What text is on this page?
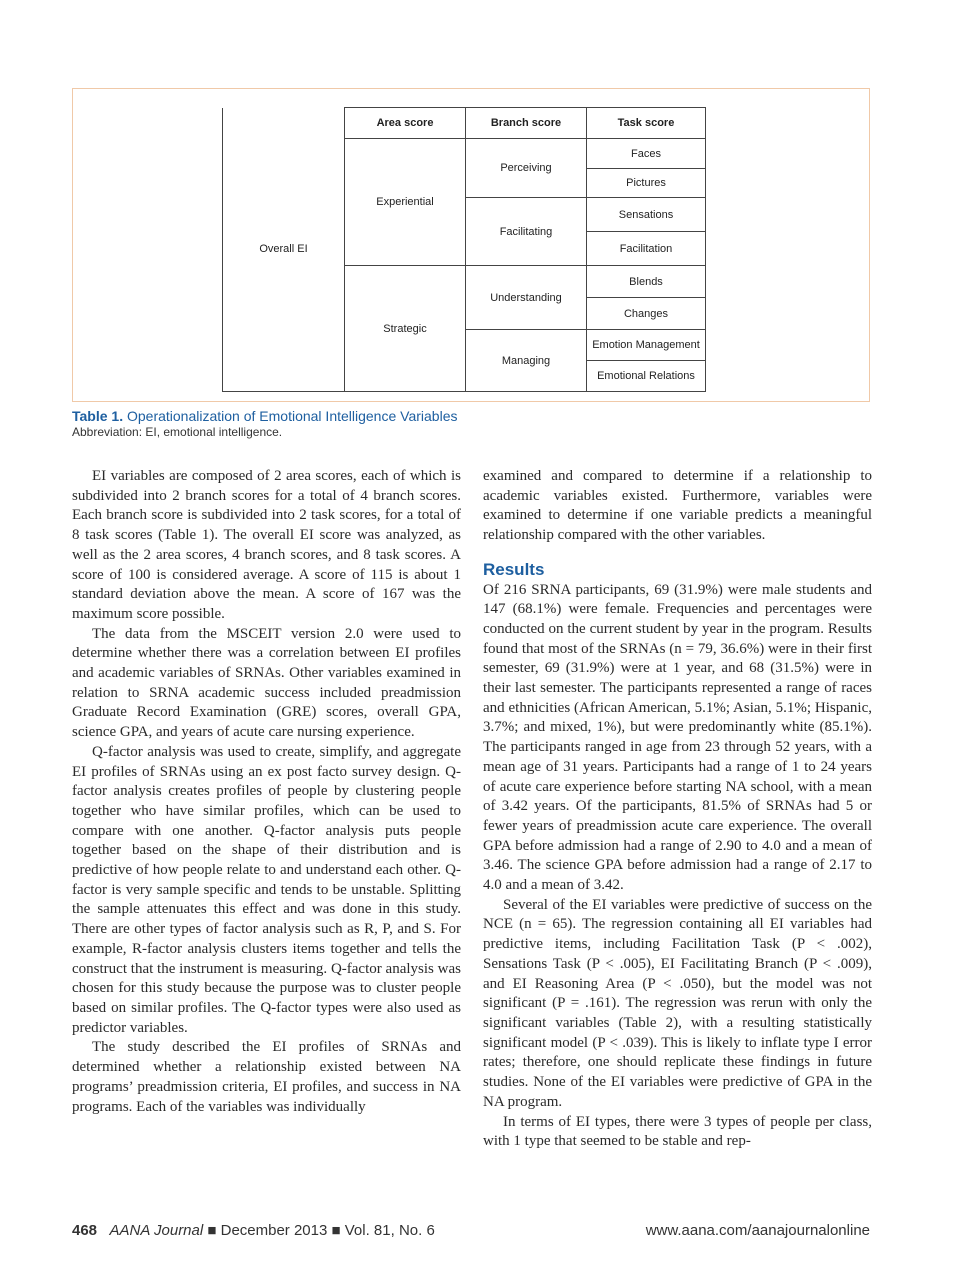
Overall EI	Area score	Branch score	Task score
	Experiential	Perceiving	Faces
			Pictures
		Facilitating	Sensations
			Facilitation
	Strategic	Understanding	Blends
			Changes
		Managing	Emotion Management
			Emotional Relations
Table 1. Operationalization of Emotional Intelligence Variables
Abbreviation: EI, emotional intelligence.

EI variables are composed of 2 area scores, each of which is subdivided into 2 branch scores for a total of 4 branch scores. Each branch score is subdivided into 2 task scores, for a total of 8 task scores (Table 1). The overall EI score was analyzed, as well as the 2 area scores, 4 branch scores, and 8 task scores. A score of 100 is considered average. A score of 115 is about 1 standard deviation above the mean. A score of 167 was the maximum score possible.

The data from the MSCEIT version 2.0 were used to determine whether there was a correlation between EI profiles and academic variables of SRNAs. Other variables examined in relation to SRNA academic success included preadmission Graduate Record Examination (GRE) scores, overall GPA, science GPA, and years of acute care nursing experience.

Q-factor analysis was used to create, simplify, and aggregate EI profiles of SRNAs using an ex post facto survey design. Q-factor analysis creates profiles of people by clustering people together who have similar profiles, which can be used to compare with one another. Q-factor analysis puts people together based on the shape of their distribution and is predictive of how people relate to and understand each other. Q-factor is very sample specific and tends to be unstable. Splitting the sample attenuates this effect and was done in this study. There are other types of factor analysis such as R, P, and S. For example, R-factor analysis clusters items together and tells the construct that the instrument is measuring. Q-factor analysis was chosen for this study because the purpose was to cluster people based on similar profiles. The Q-factor types were also used as predictor variables.

The study described the EI profiles of SRNAs and determined whether a relationship existed between NA programs’ preadmission criteria, EI profiles, and success in NA programs. Each of the variables was individually

examined and compared to determine if a relationship to academic variables existed. Furthermore, variables were examined to determine if one variable predicts a meaningful relationship compared with the other variables.

Results

Of 216 SRNA participants, 69 (31.9%) were male students and 147 (68.1%) were female. Frequencies and percentages were conducted on the current student by year in the program. Results found that most of the SRNAs (n = 79, 36.6%) were in their first semester, 69 (31.9%) were at 1 year, and 68 (31.5%) were in their last semester. The participants represented a range of races and ethnicities (African American, 5.1%; Asian, 5.1%; Hispanic, 3.7%; and mixed, 1%), but were predominantly white (85.1%). The participants ranged in age from 23 through 52 years, with a mean age of 31 years. Participants had a range of 1 to 24 years of acute care experience before starting NA school, with a mean of 3.42 years. Of the participants, 81.5% of SRNAs had 5 or fewer years of preadmission acute care experience. The overall GPA before admission had a range of 2.90 to 4.0 and a mean of 3.46. The science GPA before admission had a range of 2.17 to 4.0 and a mean of 3.42.

Several of the EI variables were predictive of success on the NCE (n = 65). The regression containing all EI variables had predictive items, including Facilitation Task (P < .002), Sensations Task (P < .005), EI Facilitating Branch (P < .009), and EI Reasoning Area (P < .050), but the model was not significant (P = .161). The regression was rerun with only the significant variables (Table 2), with a resulting statistically significant model (P < .039). This is likely to inflate type I error rates; therefore, one should replicate these findings in future studies. None of the EI variables were predictive of GPA in the NA program.

In terms of EI types, there were 3 types of people per class, with 1 type that seemed to be stable and rep-

468 AANA Journal ■ December 2013 ■ Vol. 81, No. 6	www.aana.com/aanajournalonline
